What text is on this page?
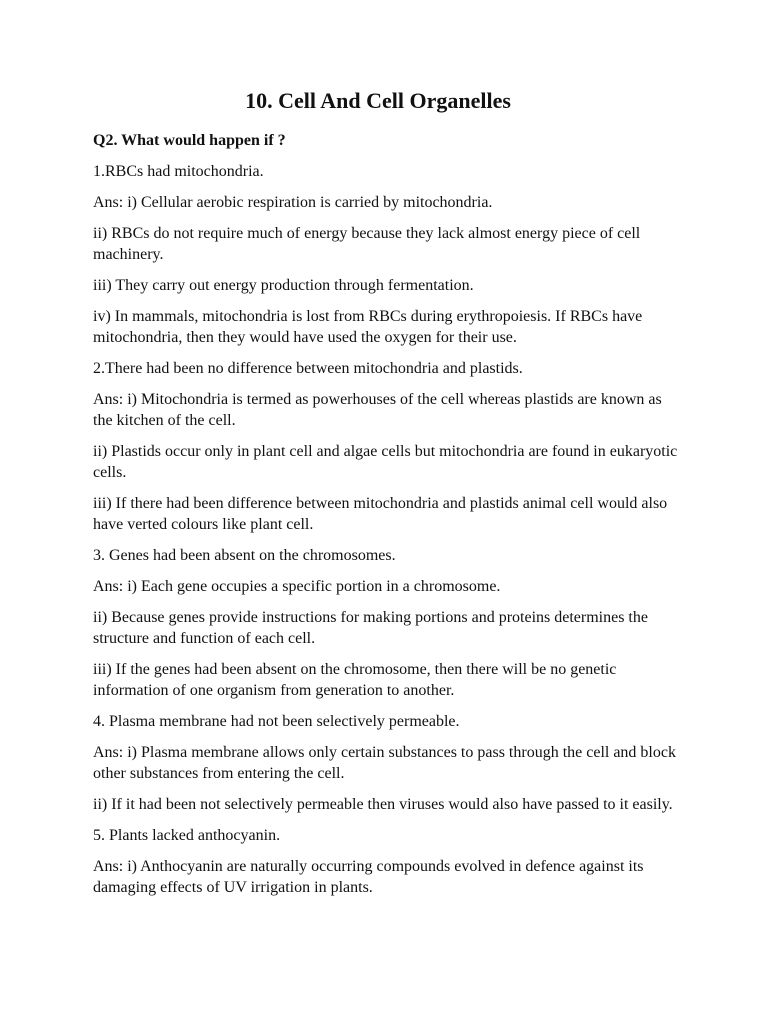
10. Cell And Cell Organelles
Q2. What would happen if ?
1.RBCs had mitochondria.
Ans: i) Cellular aerobic respiration is carried by mitochondria.
ii) RBCs do not require much of energy because they lack almost energy piece of cell machinery.
iii) They carry out energy production through fermentation.
iv) In mammals, mitochondria is lost from RBCs during erythropoiesis. If RBCs have mitochondria, then they would have used the oxygen for their use.
2.There had been no difference between mitochondria and plastids.
Ans: i) Mitochondria is termed as powerhouses of the cell whereas plastids are known as the kitchen of the cell.
ii) Plastids occur only in plant cell and algae cells but mitochondria are found in eukaryotic cells.
iii) If there had been difference between mitochondria and plastids animal cell would also have verted colours like plant cell.
3. Genes had been absent on the chromosomes.
Ans: i) Each gene occupies a specific portion in a chromosome.
ii) Because genes provide instructions for making portions and proteins determines the structure and function of each cell.
iii) If the genes had been absent on the chromosome, then there will be no genetic information of one organism from generation to another.
4. Plasma membrane had not been selectively permeable.
Ans: i) Plasma membrane allows only certain substances to pass through the cell and block other substances from entering the cell.
ii) If it had been not selectively permeable then viruses would also have passed to it easily.
5. Plants lacked anthocyanin.
Ans: i) Anthocyanin are naturally occurring compounds evolved in defence against its damaging effects of UV irrigation in plants.
